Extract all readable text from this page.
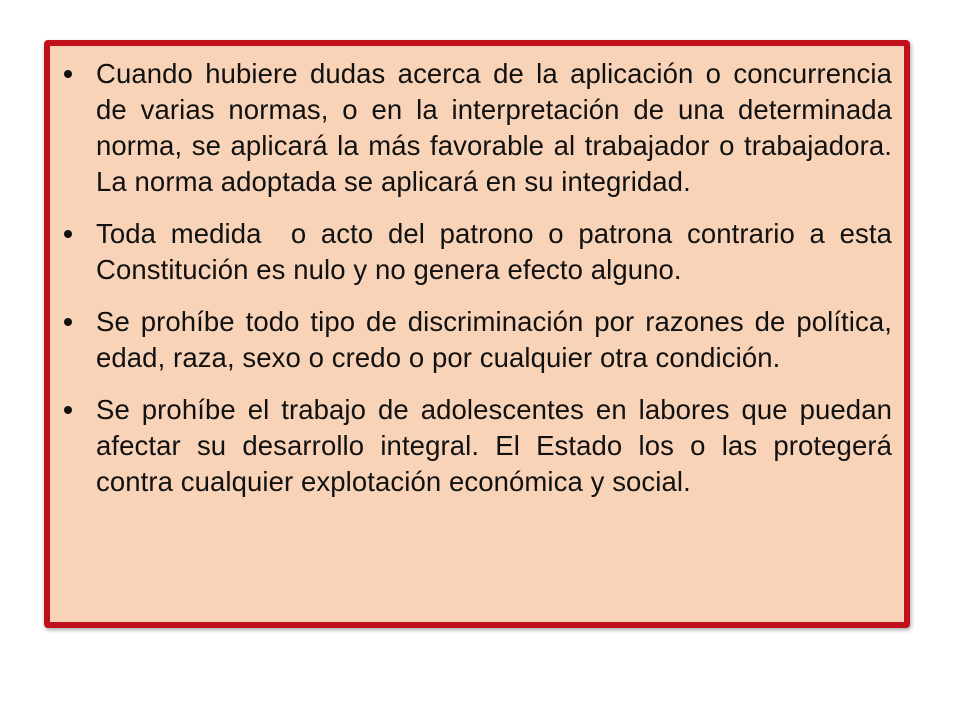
Cuando hubiere dudas acerca de la aplicación o concurrencia de varias normas, o en la interpretación de una determinada norma, se aplicará la más favorable al trabajador o trabajadora. La norma adoptada se aplicará en su integridad.
Toda medida  o acto del patrono o patrona contrario a esta Constitución es nulo y no genera efecto alguno.
Se prohíbe todo tipo de discriminación por razones de política, edad, raza, sexo o credo o por cualquier otra condición.
Se prohíbe el trabajo de adolescentes en labores que puedan afectar su desarrollo integral. El Estado los o las protegerá contra cualquier explotación económica y social.
